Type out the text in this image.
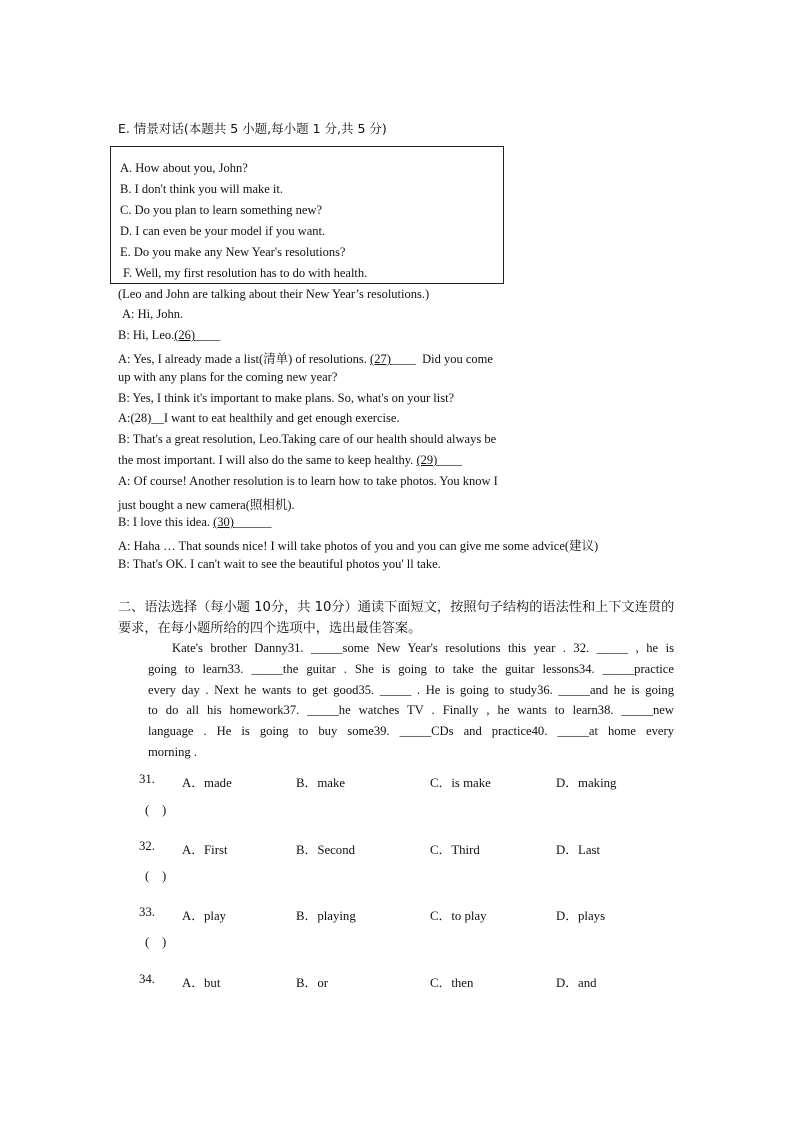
E. 情景对话(本题共 5 小题,每小题 1 分,共 5 分)
A. How about you, John?
B. I don't think you will make it.
C. Do you plan to learn something new?
D. I can even be your model if you want.
E. Do you make any New Year's resolutions?
F. Well, my first resolution has to do with health.
(Leo and John are talking about their New Year’s resolutions.)
A: Hi, John.
B: Hi, Leo.(26)____
A: Yes, I already made a list(清单) of resolutions. (27)____  Did you come
up with any plans for the coming new year?
B: Yes, I think it's important to make plans. So, what's on your list?
A:(28)__I want to eat healthily and get enough exercise.
B: That's a great resolution, Leo.Taking care of our health should always be
the most important. I will also do the same to keep healthy. (29)____
A: Of course! Another resolution is to learn how to take photos. You know I
just bought a new camera(照相机).
B: I love this idea. (30)______
A: Haha … That sounds nice! I will take photos of you and you can give me some advice(建议)
B: That's OK. I can't wait to see the beautiful photos you' ll take.
二、语法选择（每小题 10分，共 10分）通读下面短文，按照句子结构的语法性和上下文连贯的要求，在每小题所给的四个选项中，选出最佳答案。
Kate's brother Danny31. _____some New Year's resolutions this year . 32. _____ , he is
going to learn33. _____the guitar . She is going to take the guitar lessons34. _____practice
every day . Next he wants to get good35. _____ . He is going to study36. _____and he is going
to do all his homework37. _____he watches TV . Finally , he wants to learn38. _____new
language . He is going to buy some39. _____CDs and practice40. _____at home every
morning .
31. A．made	B．make	C．is make	D．making
(    )
32. A．First	B．Second	C．Third	D．Last
(    )
33. A．play	B．playing	C．to play	D．plays
(    )
34. A．but	B．or	C．then	D．and
